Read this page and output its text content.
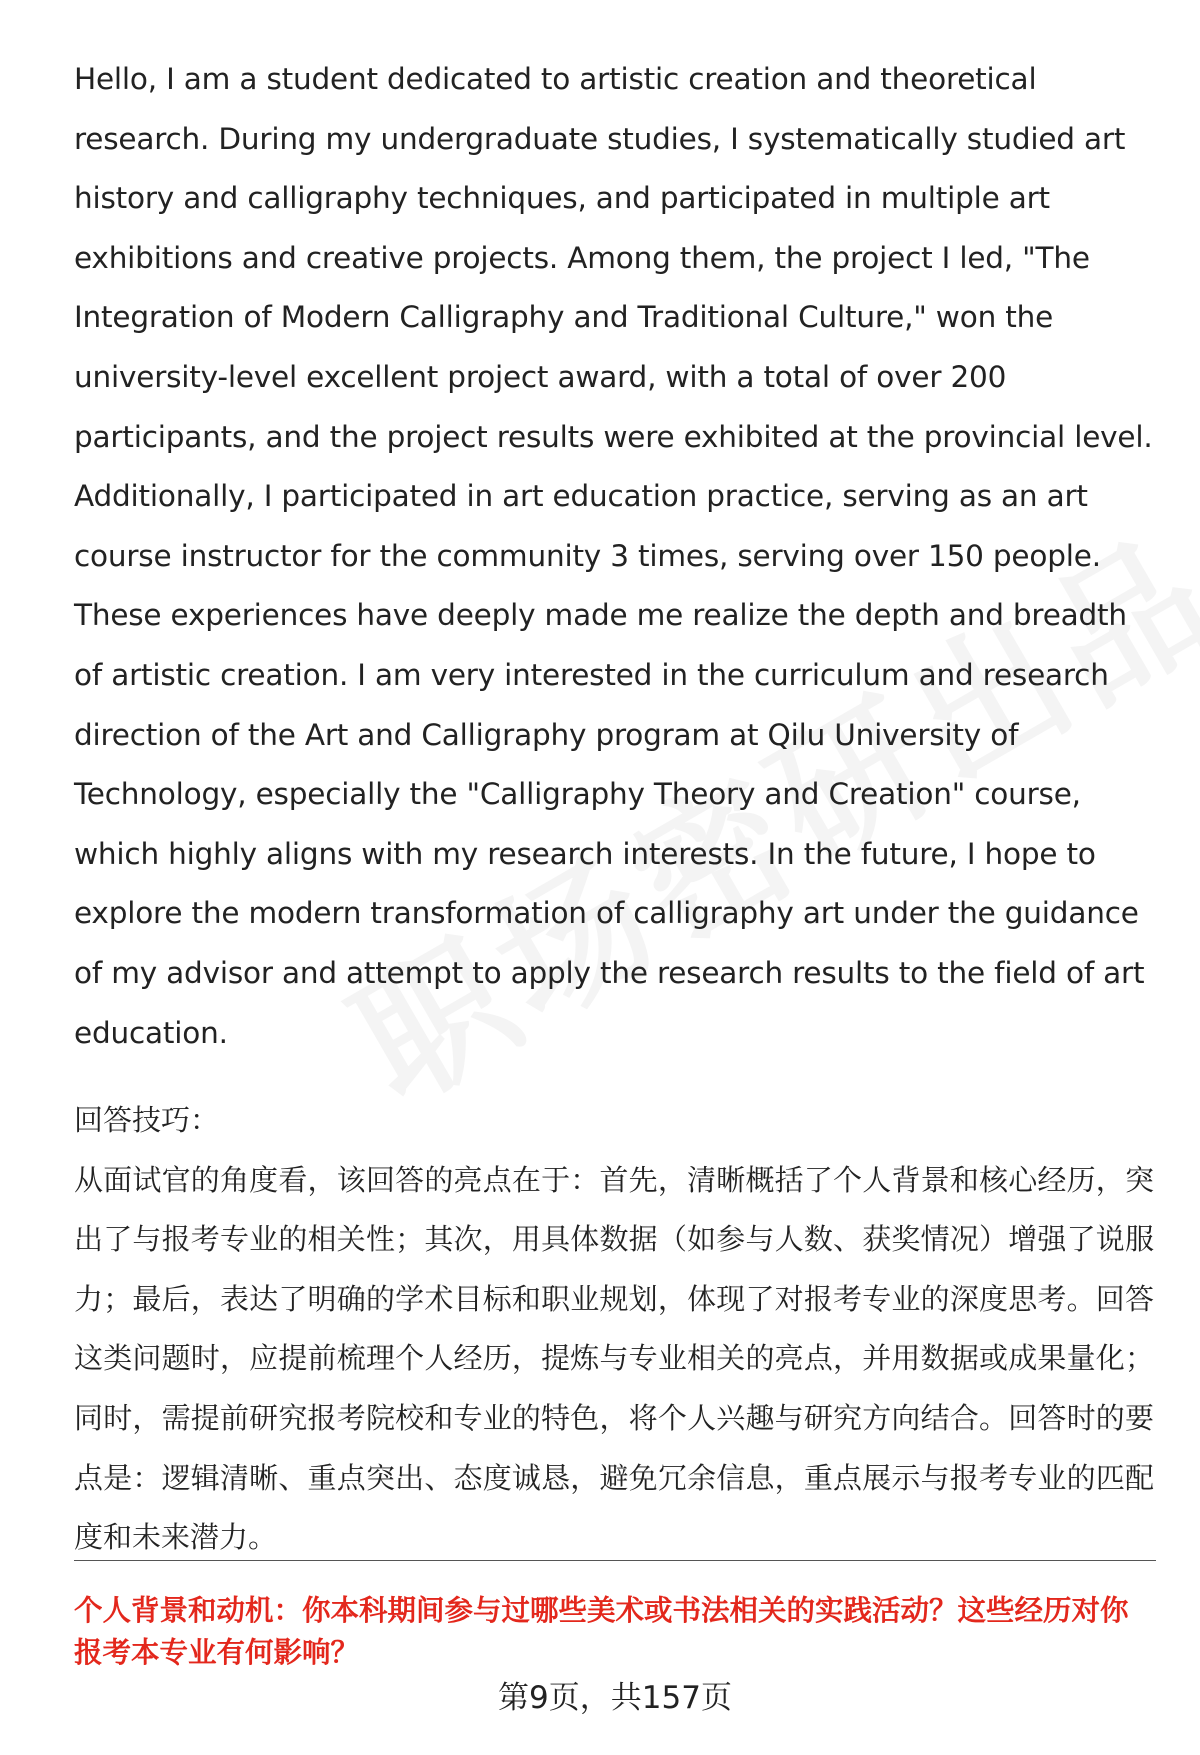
Hello, I am a student dedicated to artistic creation and theoretical research. During my undergraduate studies, I systematically studied art history and calligraphy techniques, and participated in multiple art exhibitions and creative projects. Among them, the project I led, "The Integration of Modern Calligraphy and Traditional Culture," won the university-level excellent project award, with a total of over 200 participants, and the project results were exhibited at the provincial level. Additionally, I participated in art education practice, serving as an art course instructor for the community 3 times, serving over 150 people. These experiences have deeply made me realize the depth and breadth of artistic creation. I am very interested in the curriculum and research direction of the Art and Calligraphy program at Qilu University of Technology, especially the "Calligraphy Theory and Creation" course, which highly aligns with my research interests. In the future, I hope to explore the modern transformation of calligraphy art under the guidance of my advisor and attempt to apply the research results to the field of art education.

回答技巧：

从面试官的角度看，该回答的亮点在于：首先，清晰概括了个人背景和核心经历，突出了与报考专业的相关性；其次，用具体数据（如参与人数、获奖情况）增强了说服力；最后，表达了明确的学术目标和职业规划，体现了对报考专业的深度思考。回答这类问题时，应提前梳理个人经历，提炼与专业相关的亮点，并用数据或成果量化；同时，需提前研究报考院校和专业的特色，将个人兴趣与研究方向结合。回答时的要点是：逻辑清晰、重点突出、态度诚恳，避免冗余信息，重点展示与报考专业的匹配度和未来潜力。

个人背景和动机：你本科期间参与过哪些美术或书法相关的实践活动？这些经历对你报考本专业有何影响？

第9页，共157页
